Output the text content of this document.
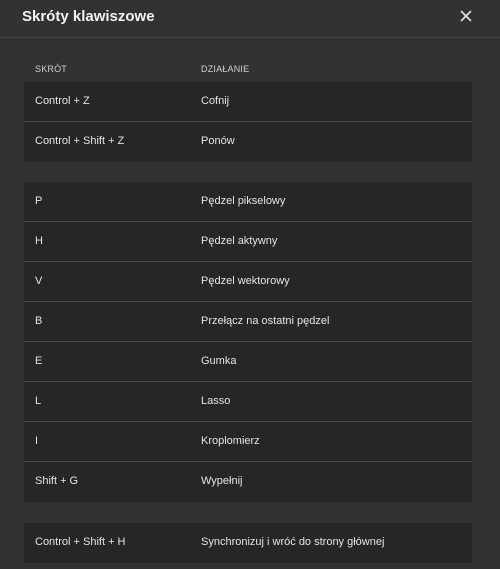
Skróty klawiszowe
SKRÓT	DZIAŁANIE
Control + Z	Cofnij
Control + Shift + Z	Ponów
P	Pędzel pikselowy
H	Pędzel aktywny
V	Pędzel wektorowy
B	Przełącz na ostatni pędzel
E	Gumka
L	Lasso
I	Kroplomierz
Shift + G	Wypełnij
Control + Shift + H	Synchronizuj i wróć do strony głównej
